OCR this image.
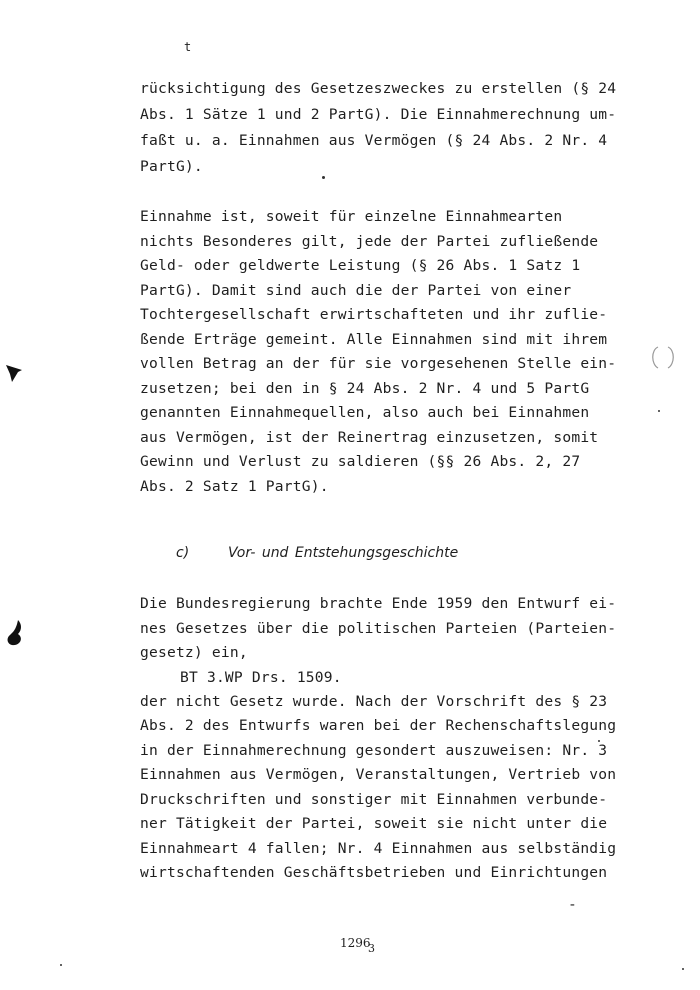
t
rücksichtigung des Gesetzeszweckes zu erstellen (§ 24
Abs. 1 Sätze 1 und 2 PartG). Die Einnahmerechnung um-
faßt u. a. Einnahmen aus Vermögen (§ 24 Abs. 2 Nr. 4
PartG).
Einnahme ist, soweit für einzelne Einnahmearten
nichts Besonderes gilt, jede der Partei zufließende
Geld- oder geldwerte Leistung (§ 26 Abs. 1 Satz 1
PartG). Damit sind auch die der Partei von einer
Tochtergesellschaft erwirtschafteten und ihr zuflie-
ßende Erträge gemeint. Alle Einnahmen sind mit ihrem
vollen Betrag an der für sie vorgesehenen Stelle ein-
zusetzen; bei den in § 24 Abs. 2 Nr. 4 und 5 PartG
genannten Einnahmequellen, also auch bei Einnahmen
aus Vermögen, ist der Reinertrag einzusetzen, somit
Gewinn und Verlust zu saldieren (§§ 26 Abs. 2, 27
Abs. 2 Satz 1 PartG).
c)	Vor- und Entstehungsgeschichte
Die Bundesregierung brachte Ende 1959 den Entwurf ei-
nes Gesetzes über die politischen Parteien (Parteien-
gesetz) ein,
BT 3.WP Drs. 1509.
der nicht Gesetz wurde. Nach der Vorschrift des § 23
Abs. 2 des Entwurfs waren bei der Rechenschaftslegung
in der Einnahmerechnung gesondert auszuweisen: Nr. 3
Einnahmen aus Vermögen, Veranstaltungen, Vertrieb von
Druckschriften und sonstiger mit Einnahmen verbunde-
ner Tätigkeit der Partei, soweit sie nicht unter die
Einnahmeart 4 fallen; Nr. 4 Einnahmen aus selbständig
wirtschaftenden Geschäftsbetrieben und Einrichtungen
-
1296
3
